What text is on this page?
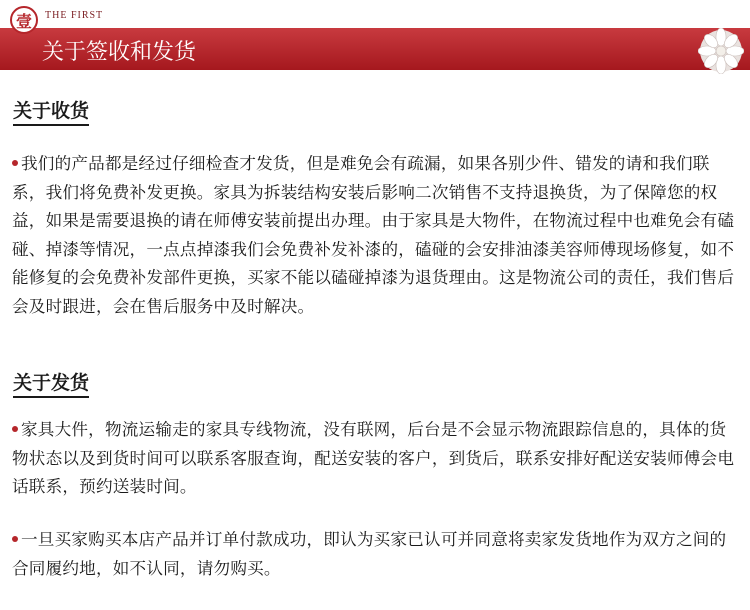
THE FIRST
壹
关于签收和发货
关于收货
我们的产品都是经过仔细检查才发货，但是难免会有疏漏，如果各别少件、错发的请和我们联系，我们将免费补发更换。家具为拆装结构安装后影响二次销售不支持退换货，为了保障您的权益，如果是需要退换的请在师傅安装前提出办理。由于家具是大物件，在物流过程中也难免会有磕碰、掉漆等情况，一点点掉漆我们会免费补发补漆的，磕碰的会安排油漆美容师傅现场修复，如不能修复的会免费补发部件更换，买家不能以磕碰掉漆为退货理由。这是物流公司的责任，我们售后会及时跟进，会在售后服务中及时解决。
关于发货
家具大件，物流运输走的家具专线物流，没有联网，后台是不会显示物流跟踪信息的，具体的货物状态以及到货时间可以联系客服查询，配送安装的客户，到货后，联系安排好配送安装师傅会电话联系，预约送装时间。
一旦买家购买本店产品并订单付款成功，即认为买家已认可并同意将卖家发货地作为双方之间的合同履约地，如不认同，请勿购买。
